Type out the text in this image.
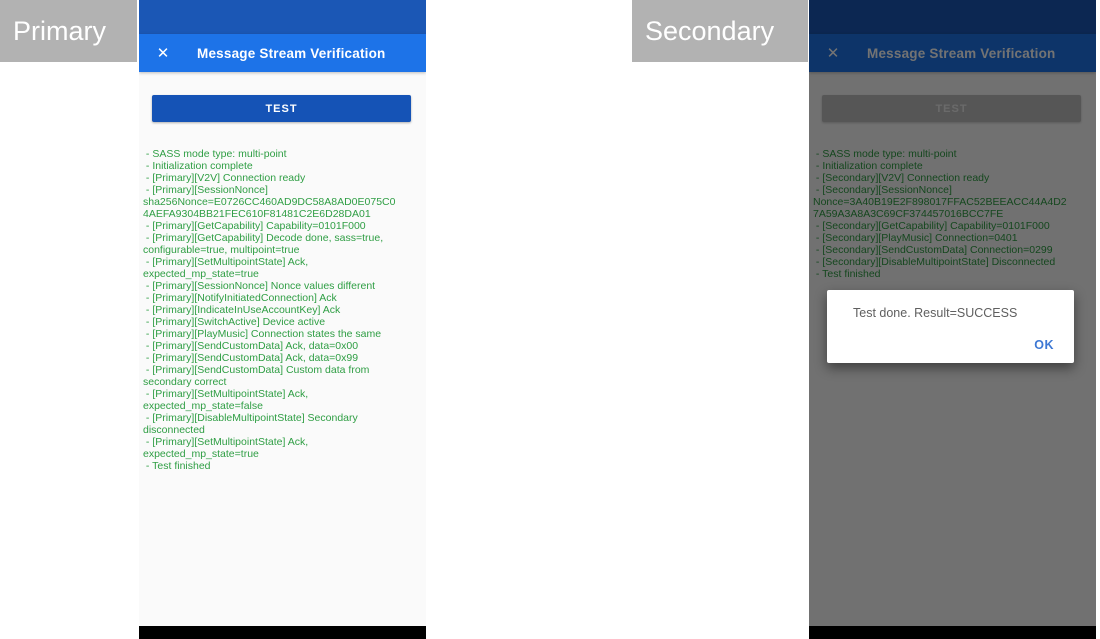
Primary	Secondary
✕ Message Stream Verification
TEST
- SASS mode type: multi-point
- Initialization complete
- [Primary][V2V] Connection ready
- [Primary][SessionNonce]
sha256Nonce=E0726CC460AD9DC58A8AD0E075C0
4AEFA9304BB21FEC610F81481C2E6D28DA01
- [Primary][GetCapability] Capability=0101F000
- [Primary][GetCapability] Decode done, sass=true,
configurable=true, multipoint=true
- [Primary][SetMultipointState] Ack,
expected_mp_state=true
- [Primary][SessionNonce] Nonce values different
- [Primary][NotifyInitiatedConnection] Ack
- [Primary][IndicateInUseAccountKey] Ack
- [Primary][SwitchActive] Device active
- [Primary][PlayMusic] Connection states the same
- [Primary][SendCustomData] Ack, data=0x00
- [Primary][SendCustomData] Ack, data=0x99
- [Primary][SendCustomData] Custom data from
secondary correct
- [Primary][SetMultipointState] Ack,
expected_mp_state=false
- [Primary][DisableMultipointState] Secondary
disconnected
- [Primary][SetMultipointState] Ack,
expected_mp_state=true
- Test finished
Test done. Result=SUCCESS
OK
